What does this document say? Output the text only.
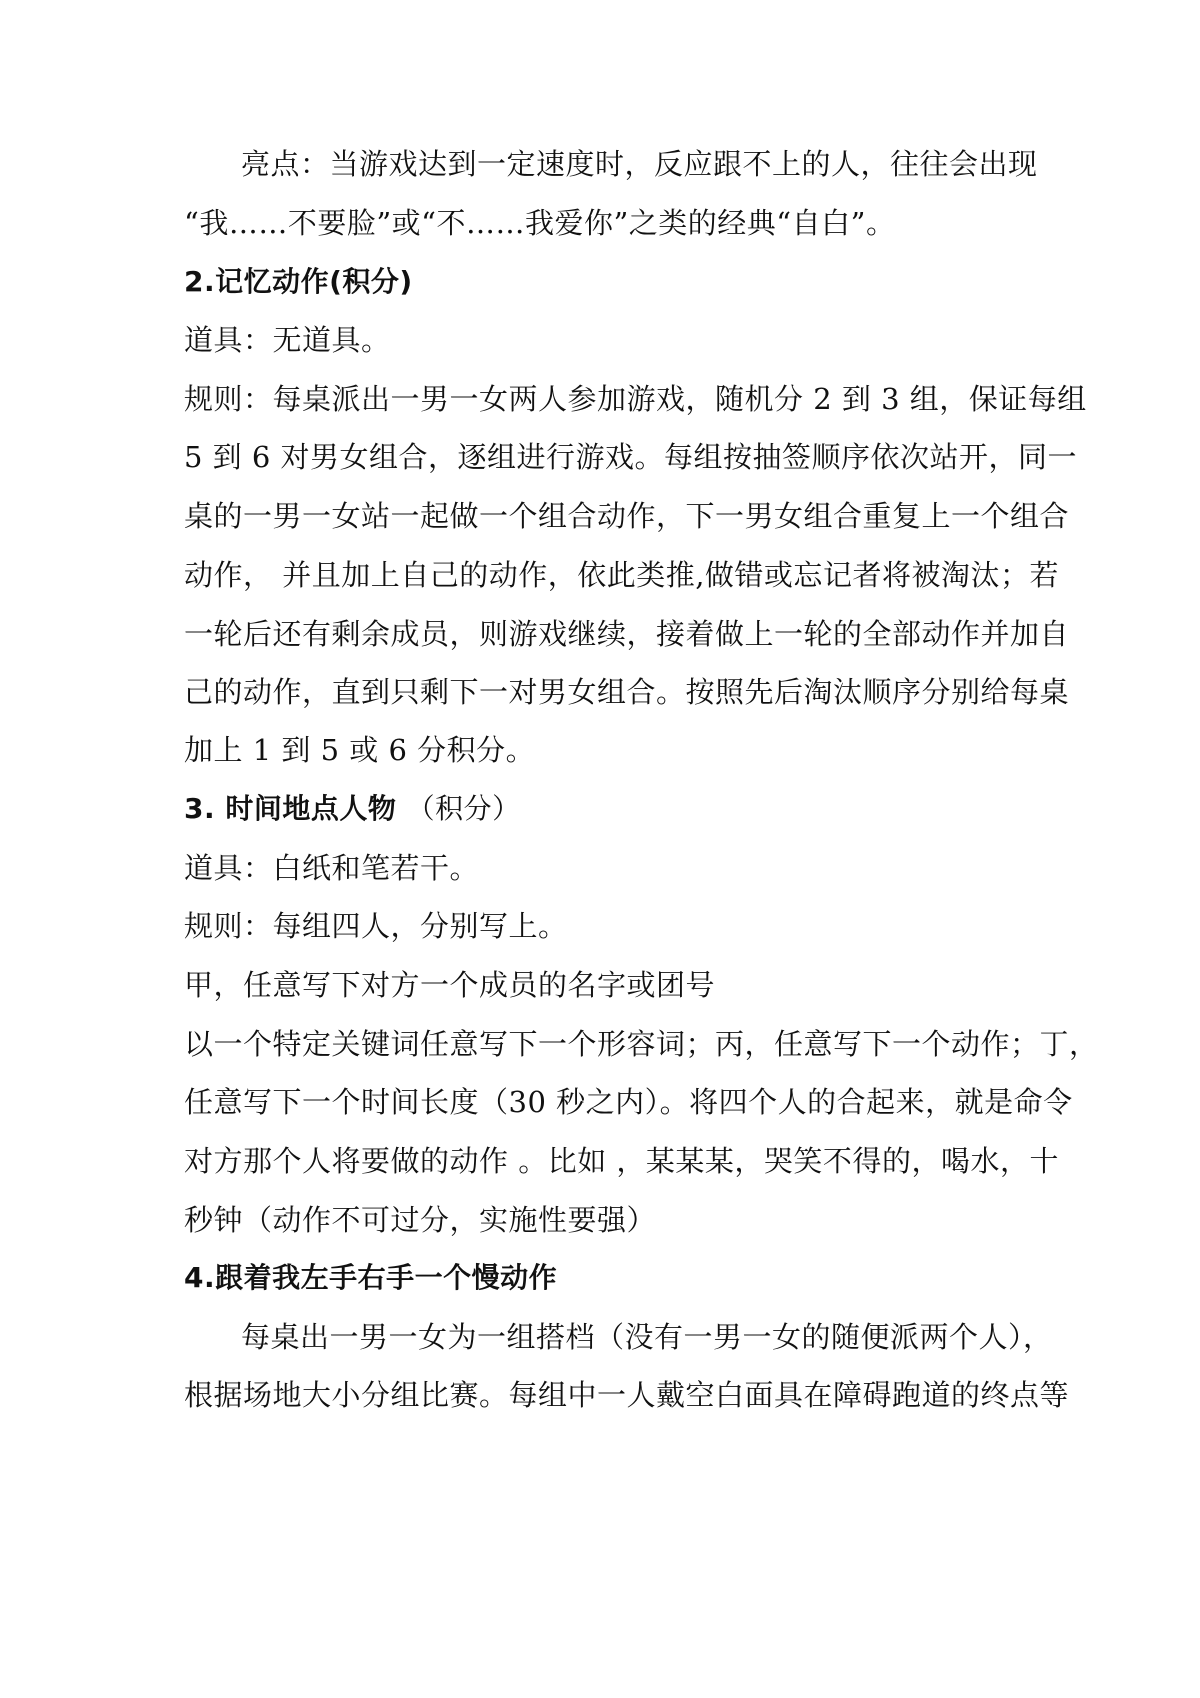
亮点：当游戏达到一定速度时，反应跟不上的人，往往会出现
“我……不要脸”或“不……我爱你”之类的经典“自白”。
2.记忆动作(积分)
道具：无道具。
规则：每桌派出一男一女两人参加游戏，随机分 2 到 3 组，保证每组
5 到 6 对男女组合，逐组进行游戏。每组按抽签顺序依次站开，同一
桌的一男一女站一起做一个组合动作，下一男女组合重复上一个组合
动作， 并且加上自己的动作，依此类推,做错或忘记者将被淘汰；若
一轮后还有剩余成员，则游戏继续，接着做上一轮的全部动作并加自
己的动作，直到只剩下一对男女组合。按照先后淘汰顺序分别给每桌
加上 1 到 5 或 6 分积分。
3. 时间地点人物 （积分）
道具：白纸和笔若干。
规则：每组四人，分别写上。
甲，任意写下对方一个成员的名字或团号
以一个特定关键词任意写下一个形容词；丙，任意写下一个动作；丁，
任意写下一个时间长度（30 秒之内）。将四个人的合起来，就是命令
对方那个人将要做的动作 。比如 ，某某某，哭笑不得的，喝水，十
秒钟（动作不可过分，实施性要强）
4.跟着我左手右手一个慢动作
每桌出一男一女为一组搭档（没有一男一女的随便派两个人），
根据场地大小分组比赛。每组中一人戴空白面具在障碍跑道的终点等
